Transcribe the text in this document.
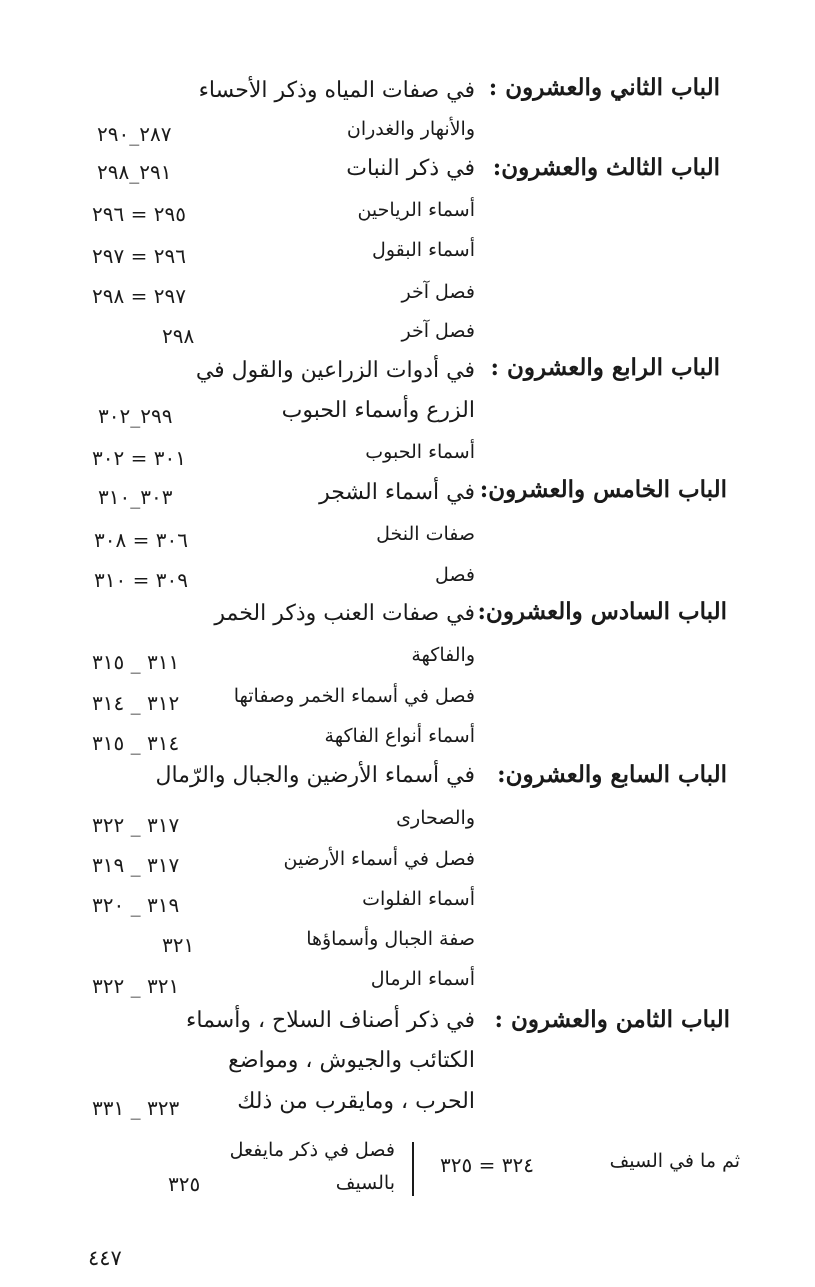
الباب الثاني والعشرون :
الباب الثالث والعشرون:
الباب الرابع والعشرون :
الباب الخامس والعشرون:
الباب السادس والعشرون:
الباب السابع والعشرون:
الباب الثامن والعشرون :
في صفات المياه وذكر الأحساء
والأنهار والغدران
في ذكر النبات
أسماء الرياحين
أسماء البقول
فصل آخر
فصل آخر
في أدوات الزراعين والقول في
الزرع وأسماء الحبوب
أسماء الحبوب
في أسماء الشجر
صفات النخل
فصل
في صفات العنب وذكر الخمر
والفاكهة
فصل في أسماء الخمر وصفاتها
أسماء أنواع الفاكهة
في أسماء الأرضين والجبال والرّمال
والصحارى
فصل في أسماء الأرضين
أسماء الفلوات
صفة الجبال وأسماؤها
أسماء الرمال
في ذكر أصناف السلاح ، وأسماء
الكتائب والجيوش ، ومواضع
الحرب ، ومايقرب من ذلك
٢٨٧_٢٩٠
٢٩١_٢٩٨
٢٩٥ = ٢٩٦
٢٩٦ = ٢٩٧
٢٩٧ = ٢٩٨
٢٩٨
٢٩٩_٣٠٢
٣٠١ = ٣٠٢
٣٠٣_٣١٠
٣٠٦ = ٣٠٨
٣٠٩ = ٣١٠
٣١١ _ ٣١٥
٣١٢ _ ٣١٤
٣١٤ _ ٣١٥
٣١٧ _ ٣٢٢
٣١٧ _ ٣١٩
٣١٩ _ ٣٢٠
٣٢١
٣٢١ _ ٣٢٢
٣٢٣ _ ٣٣١
ثم ما في السيف
٣٢٤ = ٣٢٥
فصل في ذكر مايفعل
بالسيف
٣٢٥
٤٤٧
